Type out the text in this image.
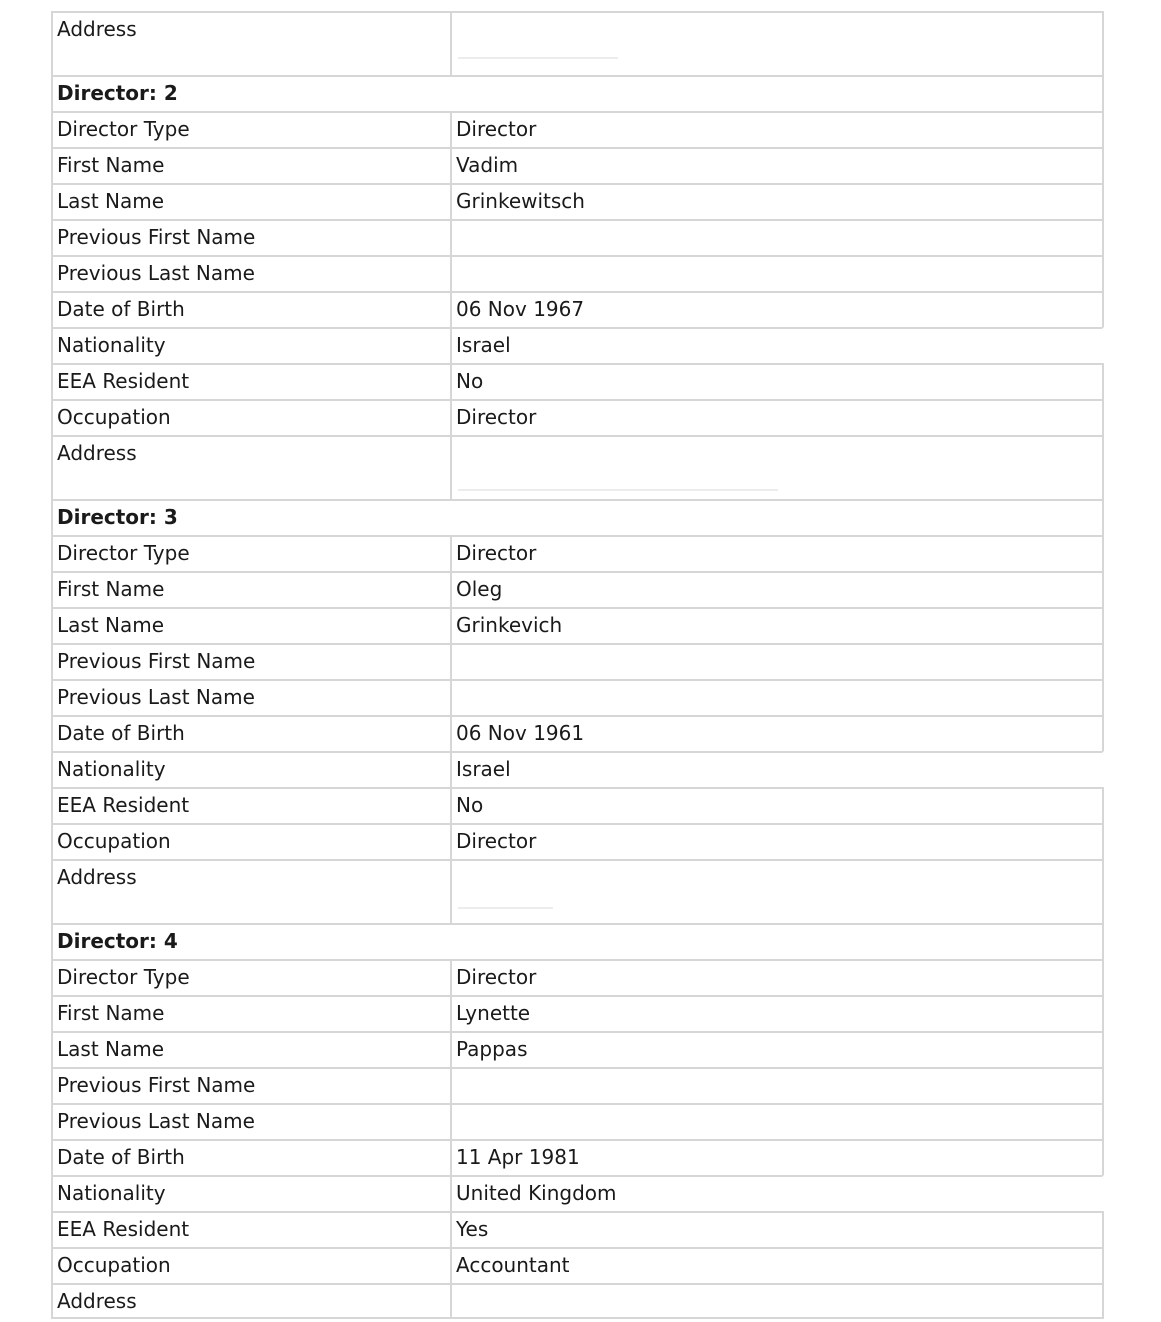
Address
Director: 2
Director Type	Director
First Name	Vadim
Last Name	Grinkewitsch
Previous First Name
Previous Last Name
Date of Birth	06 Nov 1967
Nationality	Israel
EEA Resident	No
Occupation	Director
Address
Director: 3
Director Type	Director
First Name	Oleg
Last Name	Grinkevich
Previous First Name
Previous Last Name
Date of Birth	06 Nov 1961
Nationality	Israel
EEA Resident	No
Occupation	Director
Address
Director: 4
Director Type	Director
First Name	Lynette
Last Name	Pappas
Previous First Name
Previous Last Name
Date of Birth	11 Apr 1981
Nationality	United Kingdom
EEA Resident	Yes
Occupation	Accountant
Address
